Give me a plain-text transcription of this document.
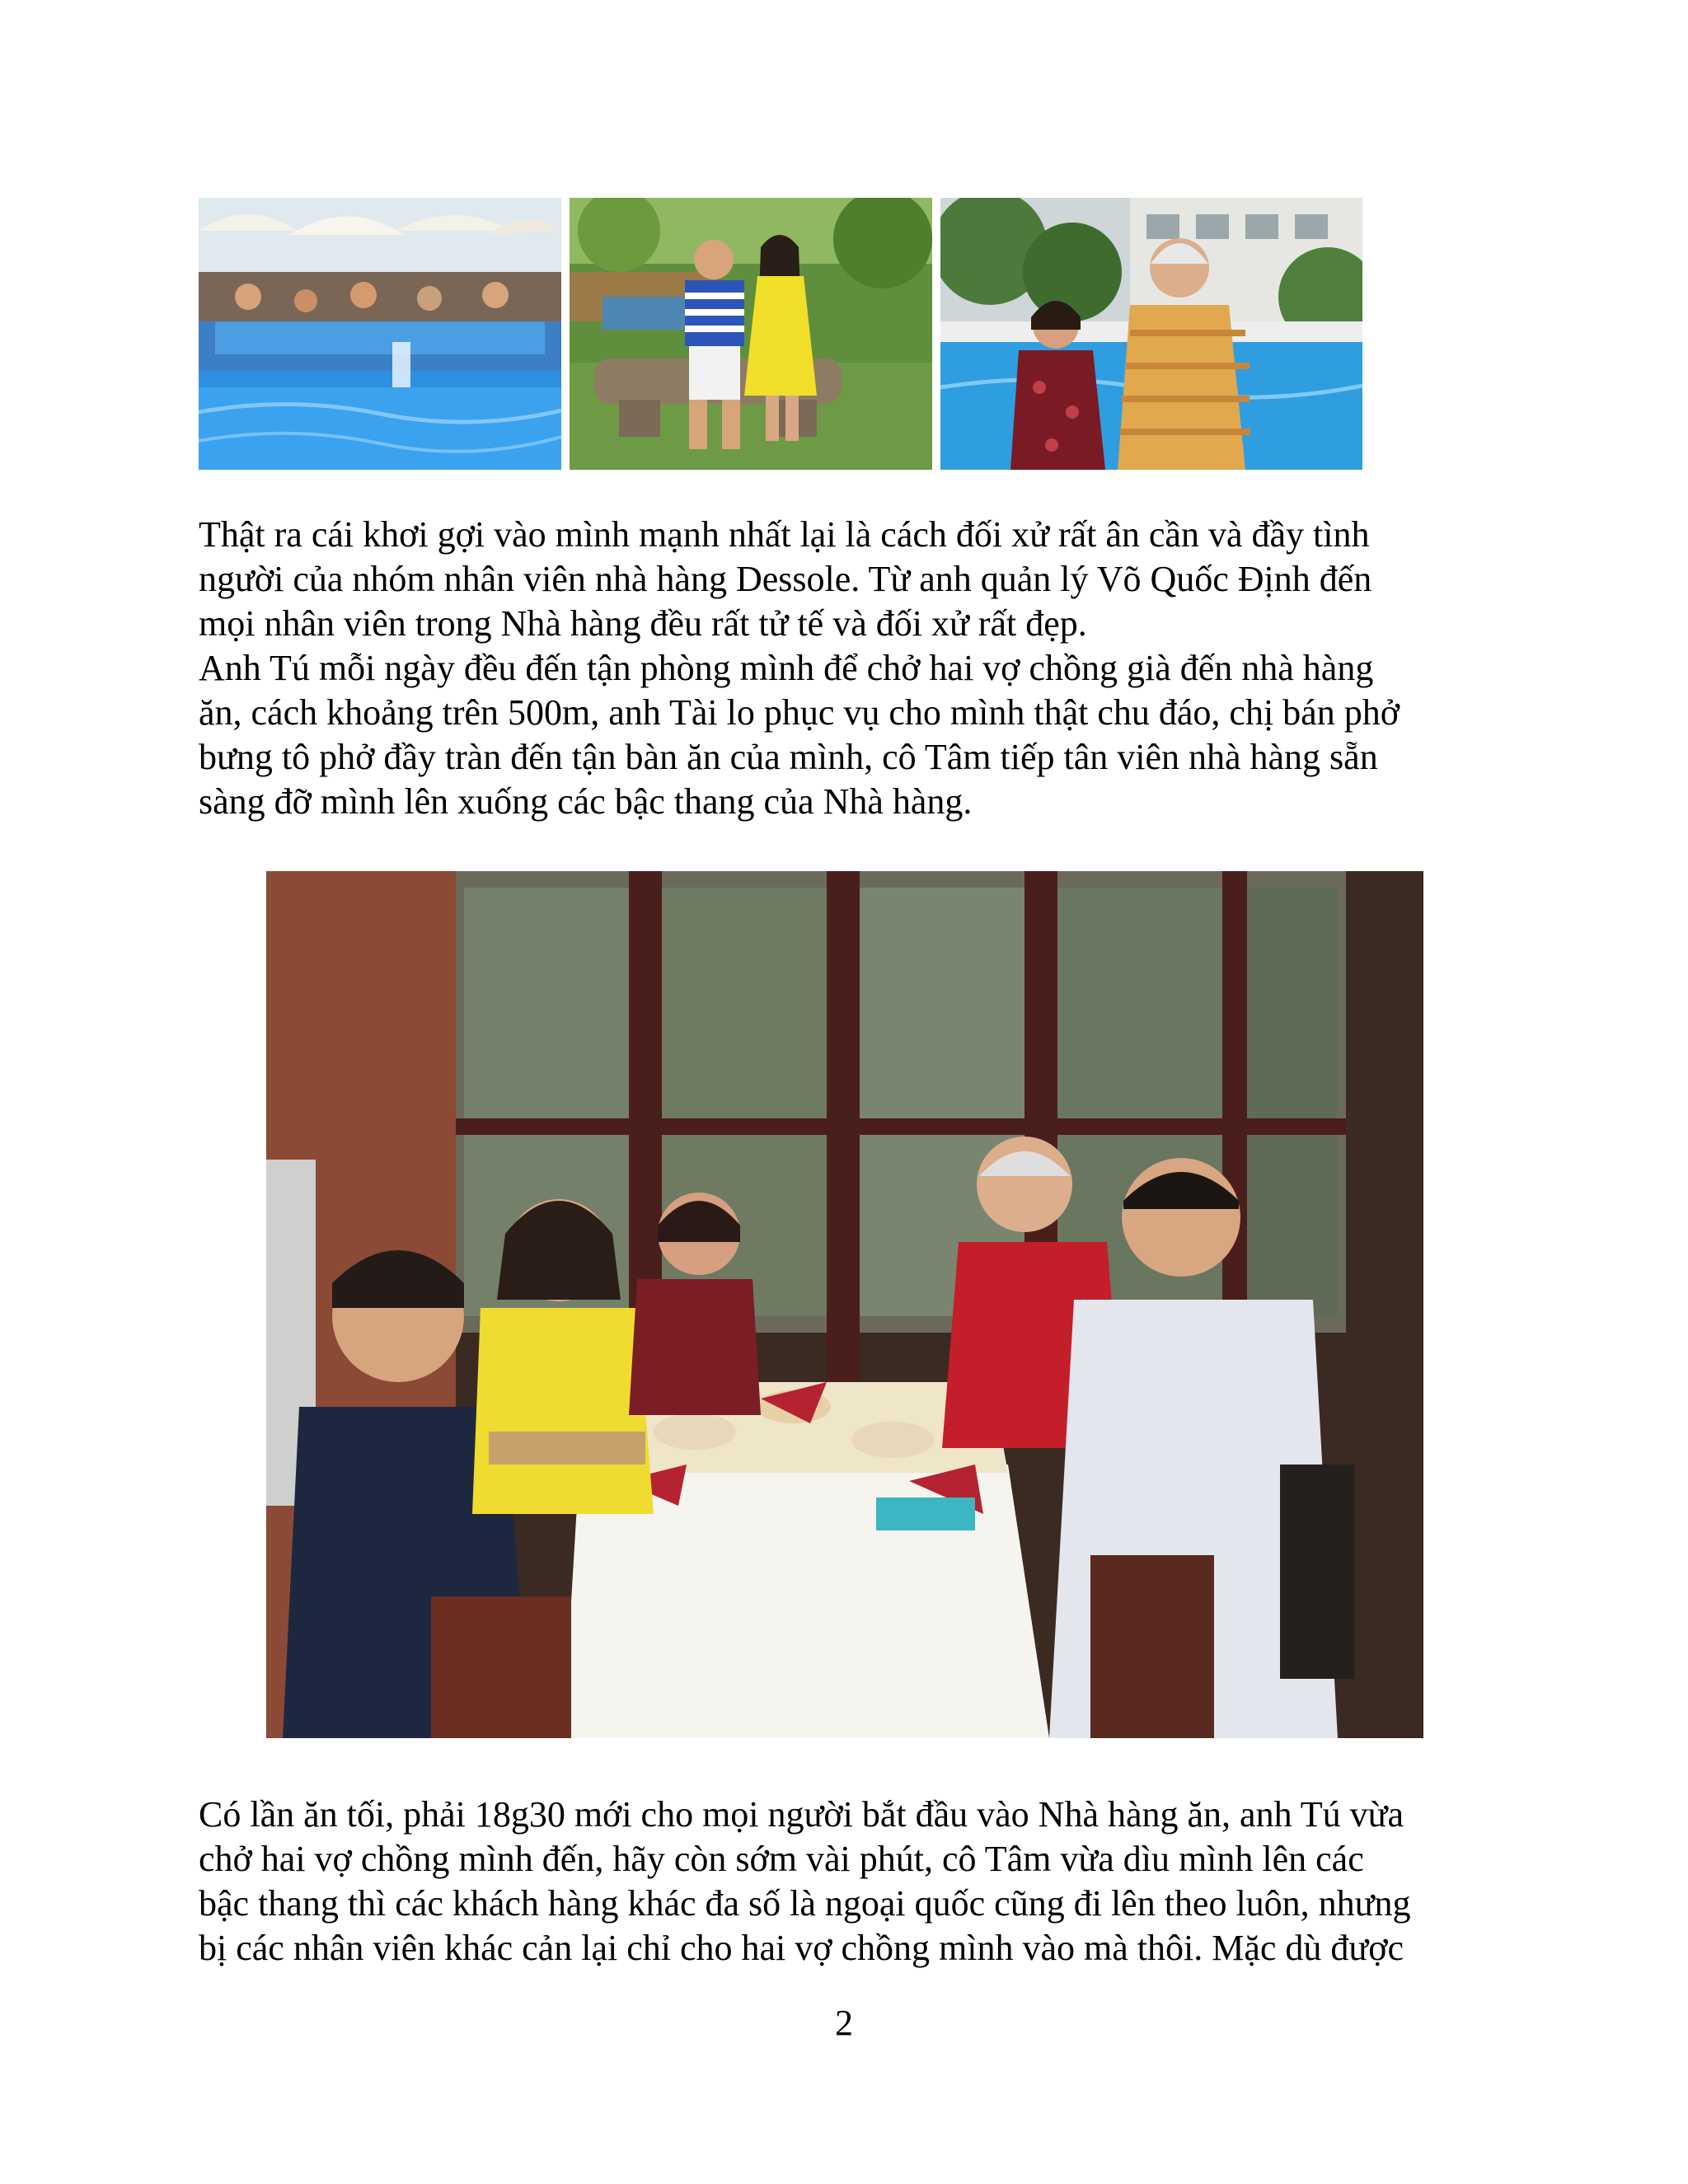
Thật ra cái khơi gợi vào mình mạnh nhất lại là cách đối xử rất ân cần và đầy tình
người của nhóm nhân viên nhà hàng Dessole. Từ anh quản lý Võ Quốc Định đến
mọi nhân viên trong Nhà hàng đều rất tử tế và đối xử rất đẹp.
Anh Tú mỗi ngày đều đến tận phòng mình để chở hai vợ chồng già đến nhà hàng
ăn, cách khoảng trên 500m, anh Tài lo phục vụ cho mình thật chu đáo, chị bán phở
bưng tô phở đầy tràn đến tận bàn ăn của mình, cô Tâm tiếp tân viên nhà hàng sẵn
sàng đỡ mình lên xuống các bậc thang của Nhà hàng.

Có lần ăn tối, phải 18g30 mới cho mọi người bắt đầu vào Nhà hàng ăn, anh Tú vừa
chở hai vợ chồng mình đến, hãy còn sớm vài phút, cô Tâm vừa dìu mình lên các
bậc thang thì các khách hàng khác đa số là ngoại quốc cũng đi lên theo luôn, nhưng
bị các nhân viên khác cản lại chỉ cho hai vợ chồng mình vào mà thôi. Mặc dù được

2
